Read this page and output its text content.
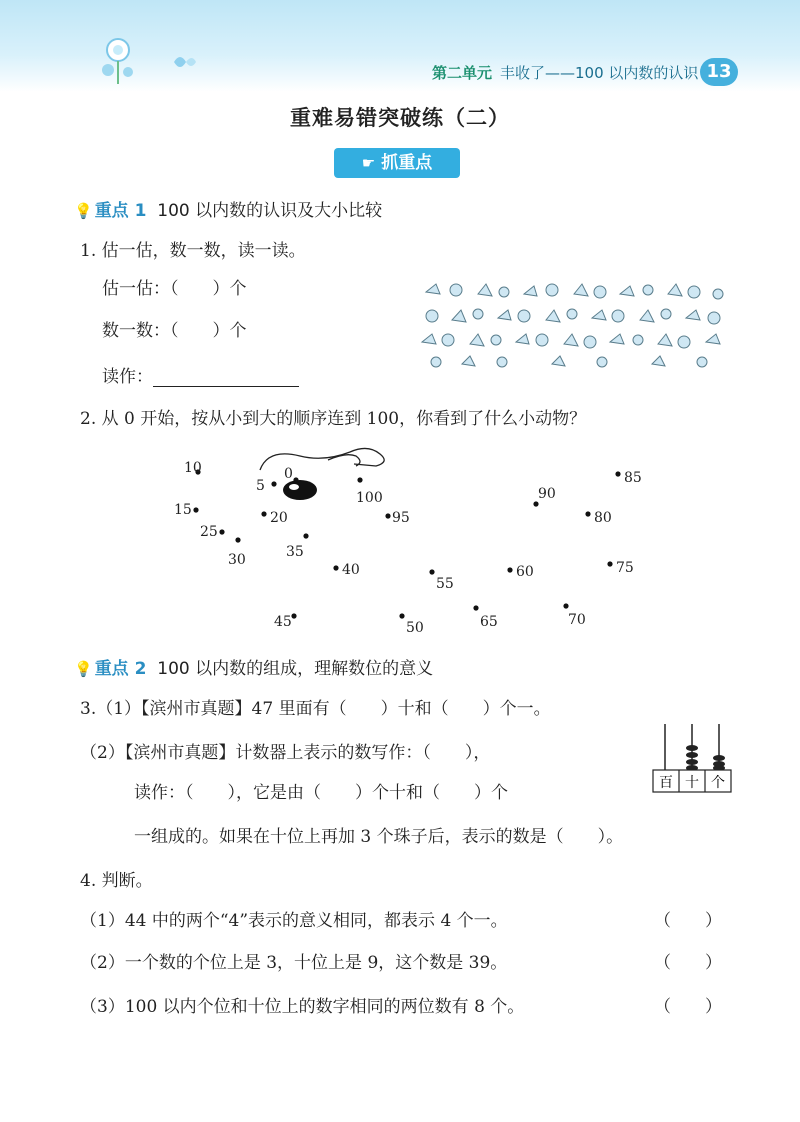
第二单元 丰收了——100 以内数的认识 13
重难易错突破练（二）
☛ 抓重点
💡 重点 1 100 以内数的认识及大小比较
1. 估一估，数一数，读一读。
估一估：（　　）个
数一数：（　　）个
读作：
2. 从 0 开始，按从小到大的顺序连到 100，你看到了什么小动物？
0
5
10
15	20
25
30	35
40
45	50
55
60
65	70
75
80
85
90
95
100
💡 重点 2 100 以内数的组成，理解数位的意义
3.（1）【滨州市真题】47 里面有（　　）十和（　　）个一。
（2）【滨州市真题】计数器上表示的数写作：（　　），
读作：（　　），它是由（　　）个十和（　　）个
一组成的。如果在十位上再加 3 个珠子后，表示的数是（　　）。
百 十 个
4. 判断。
（1）44 中的两个“4”表示的意义相同，都表示 4 个一。	（　　）
（2）一个数的个位上是 3，十位上是 9，这个数是 39。	（　　）
（3）100 以内个位和十位上的数字相同的两位数有 8 个。	（　　）
